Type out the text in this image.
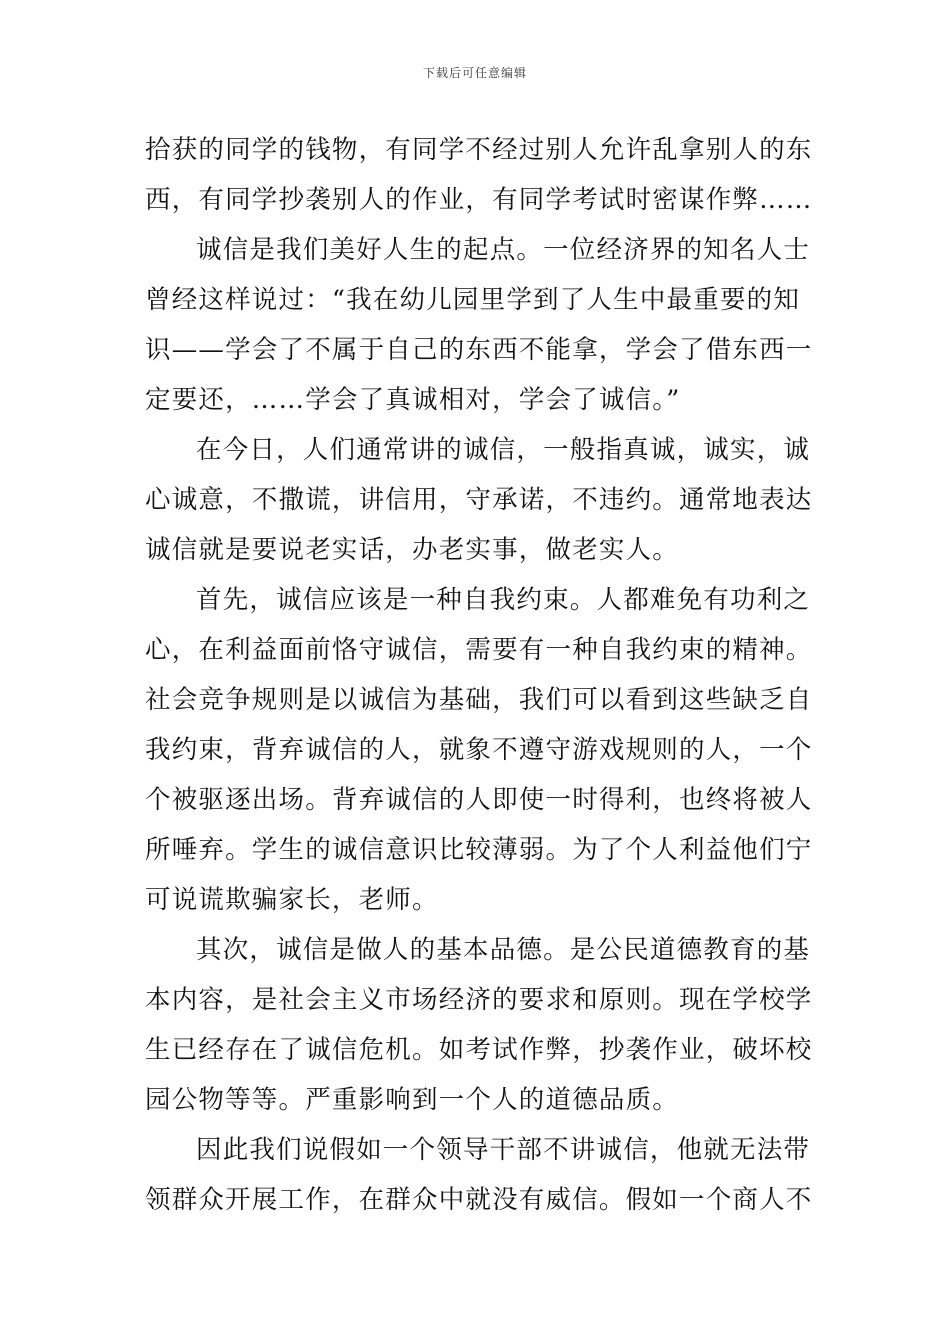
下载后可任意编辑
拾获的同学的钱物，有同学不经过别人允许乱拿别人的东
西，有同学抄袭别人的作业，有同学考试时密谋作弊……
诚信是我们美好人生的起点。一位经济界的知名人士
曾经这样说过：“我在幼儿园里学到了人生中最重要的知
识——学会了不属于自己的东西不能拿，学会了借东西一
定要还，……学会了真诚相对，学会了诚信。”
在今日，人们通常讲的诚信，一般指真诚，诚实，诚
心诚意，不撒谎，讲信用，守承诺，不违约。通常地表达
诚信就是要说老实话，办老实事，做老实人。
首先，诚信应该是一种自我约束。人都难免有功利之
心，在利益面前恪守诚信，需要有一种自我约束的精神。
社会竞争规则是以诚信为基础，我们可以看到这些缺乏自
我约束，背弃诚信的人，就象不遵守游戏规则的人，一个
个被驱逐出场。背弃诚信的人即使一时得利，也终将被人
所唾弃。学生的诚信意识比较薄弱。为了个人利益他们宁
可说谎欺骗家长，老师。
其次，诚信是做人的基本品德。是公民道德教育的基
本内容，是社会主义市场经济的要求和原则。现在学校学
生已经存在了诚信危机。如考试作弊，抄袭作业，破坏校
园公物等等。严重影响到一个人的道德品质。
因此我们说假如一个领导干部不讲诚信，他就无法带
领群众开展工作，在群众中就没有威信。假如一个商人不
